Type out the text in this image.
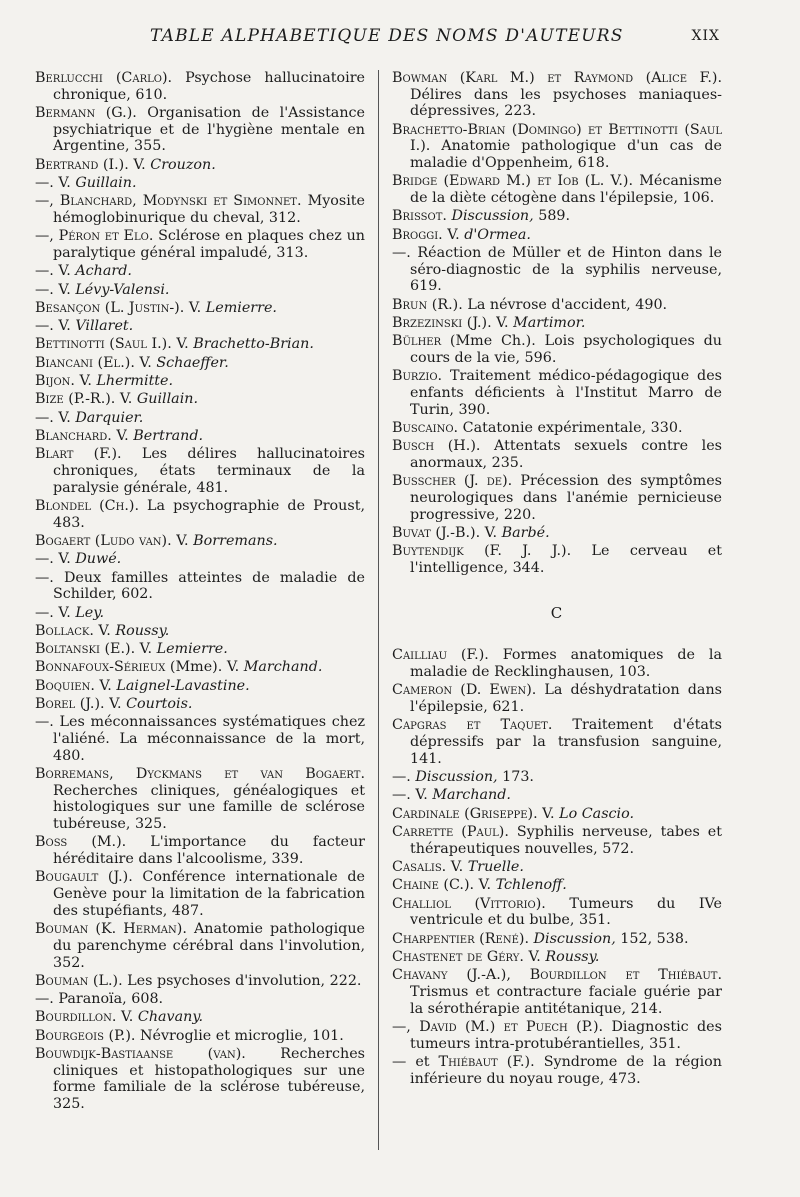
TABLE ALPHABETIQUE DES NOMS D'AUTEURS	XIX

Berlucchi (Carlo). Psychose hallucinatoire chronique, 610.

Bermann (G.). Organisation de l'Assistance psychiatrique et de l'hygiène mentale en Argentine, 355.

Bertrand (I.). V. Crouzon.

—. V. Guillain.

—, Blanchard, Modynski et Simonnet. Myosite hémoglobinurique du cheval, 312.

—, Péron et Elo. Sclérose en plaques chez un paralytique général impaludé, 313.

—. V. Achard.

—. V. Lévy-Valensi.

Besançon (L. Justin-). V. Lemierre.

—. V. Villaret.

Bettinotti (Saul I.). V. Brachetto-Brian.

Biancani (El.). V. Schaeffer.

Bijon. V. Lhermitte.

Bize (P.-R.). V. Guillain.

—. V. Darquier.

Blanchard. V. Bertrand.

Blart (F.). Les délires hallucinatoires chroniques, états terminaux de la paralysie générale, 481.

Blondel (Ch.). La psychographie de Proust, 483.

Bogaert (Ludo van). V. Borremans.

—. V. Duwé.

—. Deux familles atteintes de maladie de Schilder, 602.

—. V. Ley.

Bollack. V. Roussy.

Boltanski (E.). V. Lemierre.

Bonnafoux-Sérieux (Mme). V. Marchand.

Boquien. V. Laignel-Lavastine.

Borel (J.). V. Courtois.

—. Les méconnaissances systématiques chez l'aliéné. La méconnaissance de la mort, 480.

Borremans, Dyckmans et van Bogaert. Recherches cliniques, généalogiques et histologiques sur une famille de sclérose tubéreuse, 325.

Boss (M.). L'importance du facteur héréditaire dans l'alcoolisme, 339.

Bougault (J.). Conférence internationale de Genève pour la limitation de la fabrication des stupéfiants, 487.

Bouman (K. Herman). Anatomie pathologique du parenchyme cérébral dans l'involution, 352.

Bouman (L.). Les psychoses d'involution, 222.

—. Paranoïa, 608.

Bourdillon. V. Chavany.

Bourgeois (P.). Névroglie et microglie, 101.

Bouwdijk-Bastiaanse (van). Recherches cliniques et histopathologiques sur une forme familiale de la sclérose tubéreuse, 325.

Bowman (Karl M.) et Raymond (Alice F.). Délires dans les psychoses maniaques-dépressives, 223.

Brachetto-Brian (Domingo) et Bettinotti (Saul I.). Anatomie pathologique d'un cas de maladie d'Oppenheim, 618.

Bridge (Edward M.) et Iob (L. V.). Mécanisme de la diète cétogène dans l'épilepsie, 106.

Brissot. Discussion, 589.

Broggi. V. d'Ormea.

—. Réaction de Müller et de Hinton dans le séro-diagnostic de la syphilis nerveuse, 619.

Brun (R.). La névrose d'accident, 490.

Brzezinski (J.). V. Martimor.

Bülher (Mme Ch.). Lois psychologiques du cours de la vie, 596.

Burzio. Traitement médico-pédagogique des enfants déficients à l'Institut Marro de Turin, 390.

Buscaino. Catatonie expérimentale, 330.

Busch (H.). Attentats sexuels contre les anormaux, 235.

Busscher (J. de). Précession des symptômes neurologiques dans l'anémie pernicieuse progressive, 220.

Buvat (J.-B.). V. Barbé.

Buytendijk (F. J. J.). Le cerveau et l'intelligence, 344.

C

Cailliau (F.). Formes anatomiques de la maladie de Recklinghausen, 103.

Cameron (D. Ewen). La déshydratation dans l'épilepsie, 621.

Capgras et Taquet. Traitement d'états dépressifs par la transfusion sanguine, 141.

—. Discussion, 173.

—. V. Marchand.

Cardinale (Griseppe). V. Lo Cascio.

Carrette (Paul). Syphilis nerveuse, tabes et thérapeutiques nouvelles, 572.

Casalis. V. Truelle.

Chaine (C.). V. Tchlenoff.

Challiol (Vittorio). Tumeurs du IVe ventricule et du bulbe, 351.

Charpentier (René). Discussion, 152, 538.

Chastenet de Géry. V. Roussy.

Chavany (J.-A.), Bourdillon et Thiébaut. Trismus et contracture faciale guérie par la sérothérapie antitétanique, 214.

—, David (M.) et Puech (P.). Diagnostic des tumeurs intra-protubérantielles, 351.

— et Thiébaut (F.). Syndrome de la région inférieure du noyau rouge, 473.
